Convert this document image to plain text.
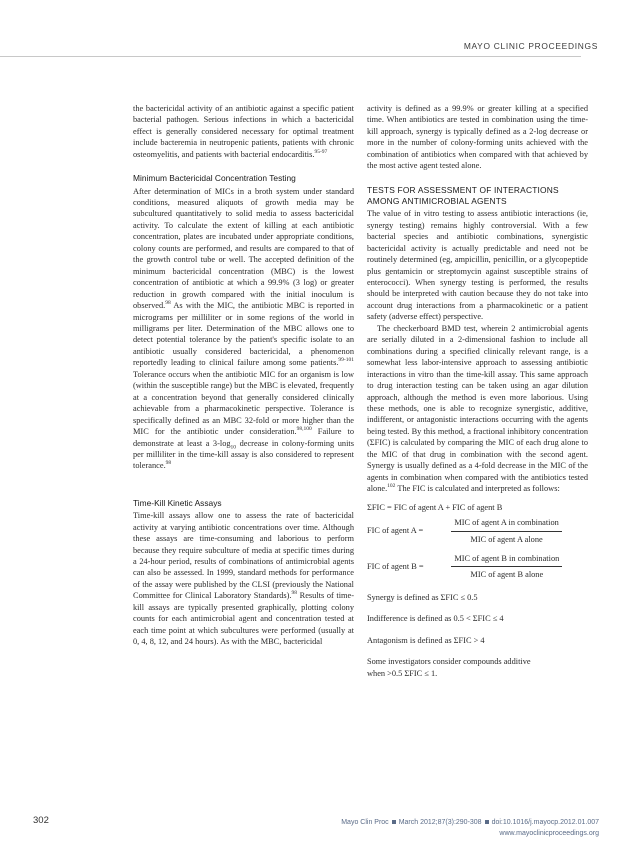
MAYO CLINIC PROCEEDINGS

the bactericidal activity of an antibiotic against a specific patient bacterial pathogen. Serious infections in which a bactericidal effect is generally considered necessary for optimal treatment include bacteremia in neutropenic patients, patients with chronic osteomyelitis, and patients with bacterial endocarditis.$^{95-97}$

Minimum Bactericidal Concentration Testing

After determination of MICs in a broth system under standard conditions, measured aliquots of growth media may be subcultured quantitatively to solid media to assess bactericidal activity. To calculate the extent of killing at each antibiotic concentration, plates are incubated under appropriate conditions, colony counts are performed, and results are compared to that of the growth control tube or well. The accepted definition of the minimum bactericidal concentration (MBC) is the lowest concentration of antibiotic at which a 99.9% (3 log) or greater reduction in growth compared with the initial inoculum is observed.$^{98}$ As with the MIC, the antibiotic MBC is reported in micrograms per milliliter or in some regions of the world in milligrams per liter. Determination of the MBC allows one to detect potential tolerance by the patient's specific isolate to an antibiotic usually considered bactericidal, a phenomenon reportedly leading to clinical failure among some patients.$^{99-101}$ Tolerance occurs when the antibiotic MIC for an organism is low (within the susceptible range) but the MBC is elevated, frequently at a concentration beyond that generally considered clinically achievable from a pharmacokinetic perspective. Tolerance is specifically defined as an MBC 32-fold or more higher than the MIC for the antibiotic under consideration.$^{98,100}$ Failure to demonstrate at least a $3-\log_{10}$ decrease in colony-forming units per milliliter in the time-kill assay is also considered to represent tolerance.$^{98}$

Time-Kill Kinetic Assays

Time-kill assays allow one to assess the rate of bactericidal activity at varying antibiotic concentrations over time. Although these assays are time-consuming and laborious to perform because they require subculture of media at specific times during a 24-hour period, results of combinations of antimicrobial agents can also be assessed. In 1999, standard methods for performance of the assay were published by the CLSI (previously the National Committee for Clinical Laboratory Standards).$^{98}$ Results of time-kill assays are typically presented graphically, plotting colony counts for each antimicrobial agent and concentration tested at each time point at which subcultures were performed (usually at 0, 4, 8, 12, and 24 hours). As with the MBC, bactericidal

activity is defined as a 99.9% or greater killing at a specified time. When antibiotics are tested in combination using the time-kill approach, synergy is typically defined as a 2-log decrease or more in the number of colony-forming units achieved with the combination of antibiotics when compared with that achieved by the most active agent tested alone.

TESTS FOR ASSESSMENT OF INTERACTIONS
AMONG ANTIMICROBIAL AGENTS

The value of in vitro testing to assess antibiotic interactions (ie, synergy testing) remains highly controversial. With a few bacterial species and antibiotic combinations, synergistic bactericidal activity is actually predictable and need not be routinely determined (eg, ampicillin, penicillin, or a glycopeptide plus gentamicin or streptomycin against susceptible strains of enterococci). When synergy testing is performed, the results should be interpreted with caution because they do not take into account drug interactions from a pharmacokinetic or a patient safety (adverse effect) perspective.

The checkerboard BMD test, wherein 2 antimicrobial agents are serially diluted in a 2-dimensional fashion to include all combinations during a specified clinically relevant range, is a somewhat less labor-intensive approach to assessing antibiotic interactions in vitro than the time-kill assay. This same approach to drug interaction testing can be taken using an agar dilution approach, although the method is even more laborious. Using these methods, one is able to recognize synergistic, additive, indifferent, or antagonistic interactions occurring with the agents being tested. By this method, a fractional inhibitory concentration (ΣFIC) is calculated by comparing the MIC of each drug alone to the MIC of that drug in combination with the second agent. Synergy is usually defined as a 4-fold decrease in the MIC of the agents in combination when compared with the antibiotics tested alone.$^{102}$ The FIC is calculated and interpreted as follows:

ΣFIC = FIC of agent A + FIC of agent B

FIC of agent $A = \frac{\text{MIC of agent A in combination}}{\text{MIC of agent A alone}}$
FIC of agent $B = \frac{\text{MIC of agent B in combination}}{\text{MIC of agent B alone}}$

Synergy is defined as ΣFIC ≤ 0.5

Indifference is defined as 0.5 < ΣFIC ≤ 4

Antagonism is defined as ΣFIC > 4

Some investigators consider compounds additive
when >0.5 ΣFIC ≤ 1.

302	Mayo Clin Proc March 2012;87(3):290-308 doi:10.1016/j.mayocp.2012.01.007
www.mayoclinicproceedings.org
